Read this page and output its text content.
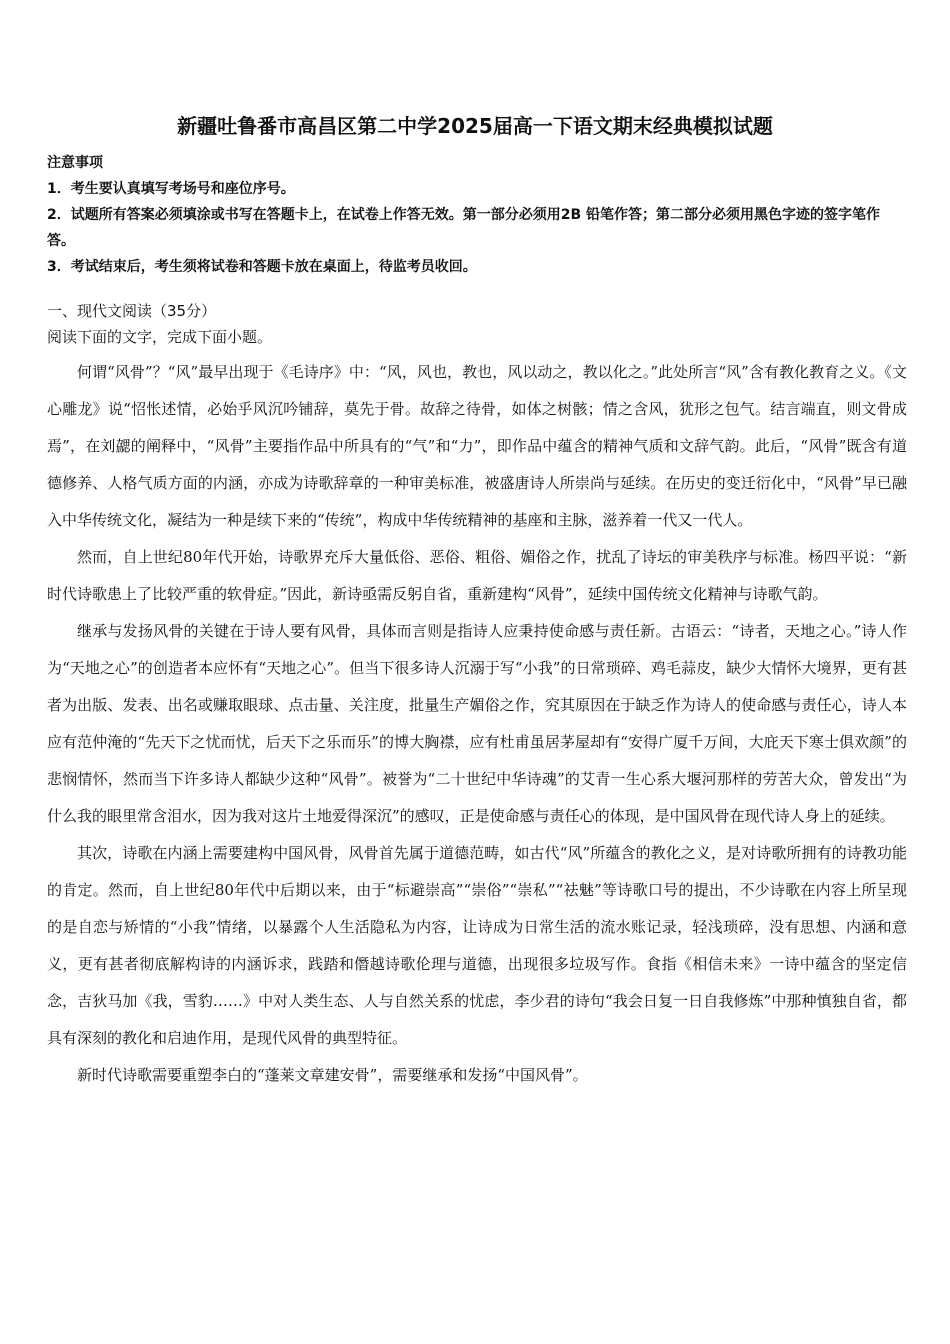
新疆吐鲁番市高昌区第二中学2025届高一下语文期末经典模拟试题

注意事项

1．考生要认真填写考场号和座位序号。

2．试题所有答案必须填涂或书写在答题卡上，在试卷上作答无效。第一部分必须用2B 铅笔作答；第二部分必须用黑色字迹的签字笔作答。

3．考试结束后，考生须将试卷和答题卡放在桌面上，待监考员收回。

一、现代文阅读（35分）

阅读下面的文字，完成下面小题。

何谓“风骨”？“风”最早出现于《毛诗序》中：“风，风也，教也，风以动之，教以化之。”此处所言“风”含有教化教育之义。《文心雕龙》说“怊怅述情，必始乎风沉吟铺辞，莫先于骨。故辞之待骨，如体之树骸；情之含风，犹形之包气。结言端直，则文骨成焉”，在刘勰的阐释中，“风骨”主要指作品中所具有的“气”和“力”，即作品中蕴含的精神气质和文辞气韵。此后，“风骨”既含有道德修养、人格气质方面的内涵，亦成为诗歌辞章的一种审美标准，被盛唐诗人所崇尚与延续。在历史的变迁衍化中，“风骨”早已融入中华传统文化，凝结为一种是续下来的“传统”，构成中华传统精神的基座和主脉，滋养着一代又一代人。

然而，自上世纪80年代开始，诗歌界充斥大量低俗、恶俗、粗俗、媚俗之作，扰乱了诗坛的审美秩序与标准。杨四平说：“新时代诗歌患上了比较严重的软骨症。”因此，新诗亟需反躬自省，重新建构“风骨”，延续中国传统文化精神与诗歌气韵。

继承与发扬风骨的关键在于诗人要有风骨，具体而言则是指诗人应秉持使命感与责任新。古语云：“诗者，天地之心。”诗人作为“天地之心”的创造者本应怀有“天地之心”。但当下很多诗人沉溺于写“小我”的日常琐碎、鸡毛蒜皮，缺少大情怀大境界，更有甚者为出版、发表、出名或赚取眼球、点击量、关注度，批量生产媚俗之作，究其原因在于缺乏作为诗人的使命感与责任心，诗人本应有范仲淹的“先天下之忧而忧，后天下之乐而乐”的博大胸襟，应有杜甫虽居茅屋却有“安得广厦千万间，大庇天下寒士俱欢颜”的悲悯情怀，然而当下许多诗人都缺少这种“风骨”。被誉为“二十世纪中华诗魂”的艾青一生心系大堰河那样的劳苦大众，曾发出“为什么我的眼里常含泪水，因为我对这片土地爱得深沉”的感叹，正是使命感与责任心的体现，是中国风骨在现代诗人身上的延续。

其次，诗歌在内涵上需要建构中国风骨，风骨首先属于道德范畴，如古代“风”所蕴含的教化之义，是对诗歌所拥有的诗教功能的肯定。然而，自上世纪80年代中后期以来，由于“标避崇高”“崇俗”“崇私”“祛魅”等诗歌口号的提出，不少诗歌在内容上所呈现的是自恋与矫情的“小我”情绪，以暴露个人生活隐私为内容，让诗成为日常生活的流水账记录，轻浅琐碎，没有思想、内涵和意义，更有甚者彻底解构诗的内涵诉求，践踏和僭越诗歌伦理与道德，出现很多垃圾写作。食指《相信未来》一诗中蕴含的坚定信念，吉狄马加《我，雪豹……》中对人类生态、人与自然关系的忧虑，李少君的诗句“我会日复一日自我修炼”中那种慎独自省，都具有深刻的教化和启迪作用，是现代风骨的典型特征。

新时代诗歌需要重塑李白的“蓬莱文章建安骨”，需要继承和发扬“中国风骨”。
